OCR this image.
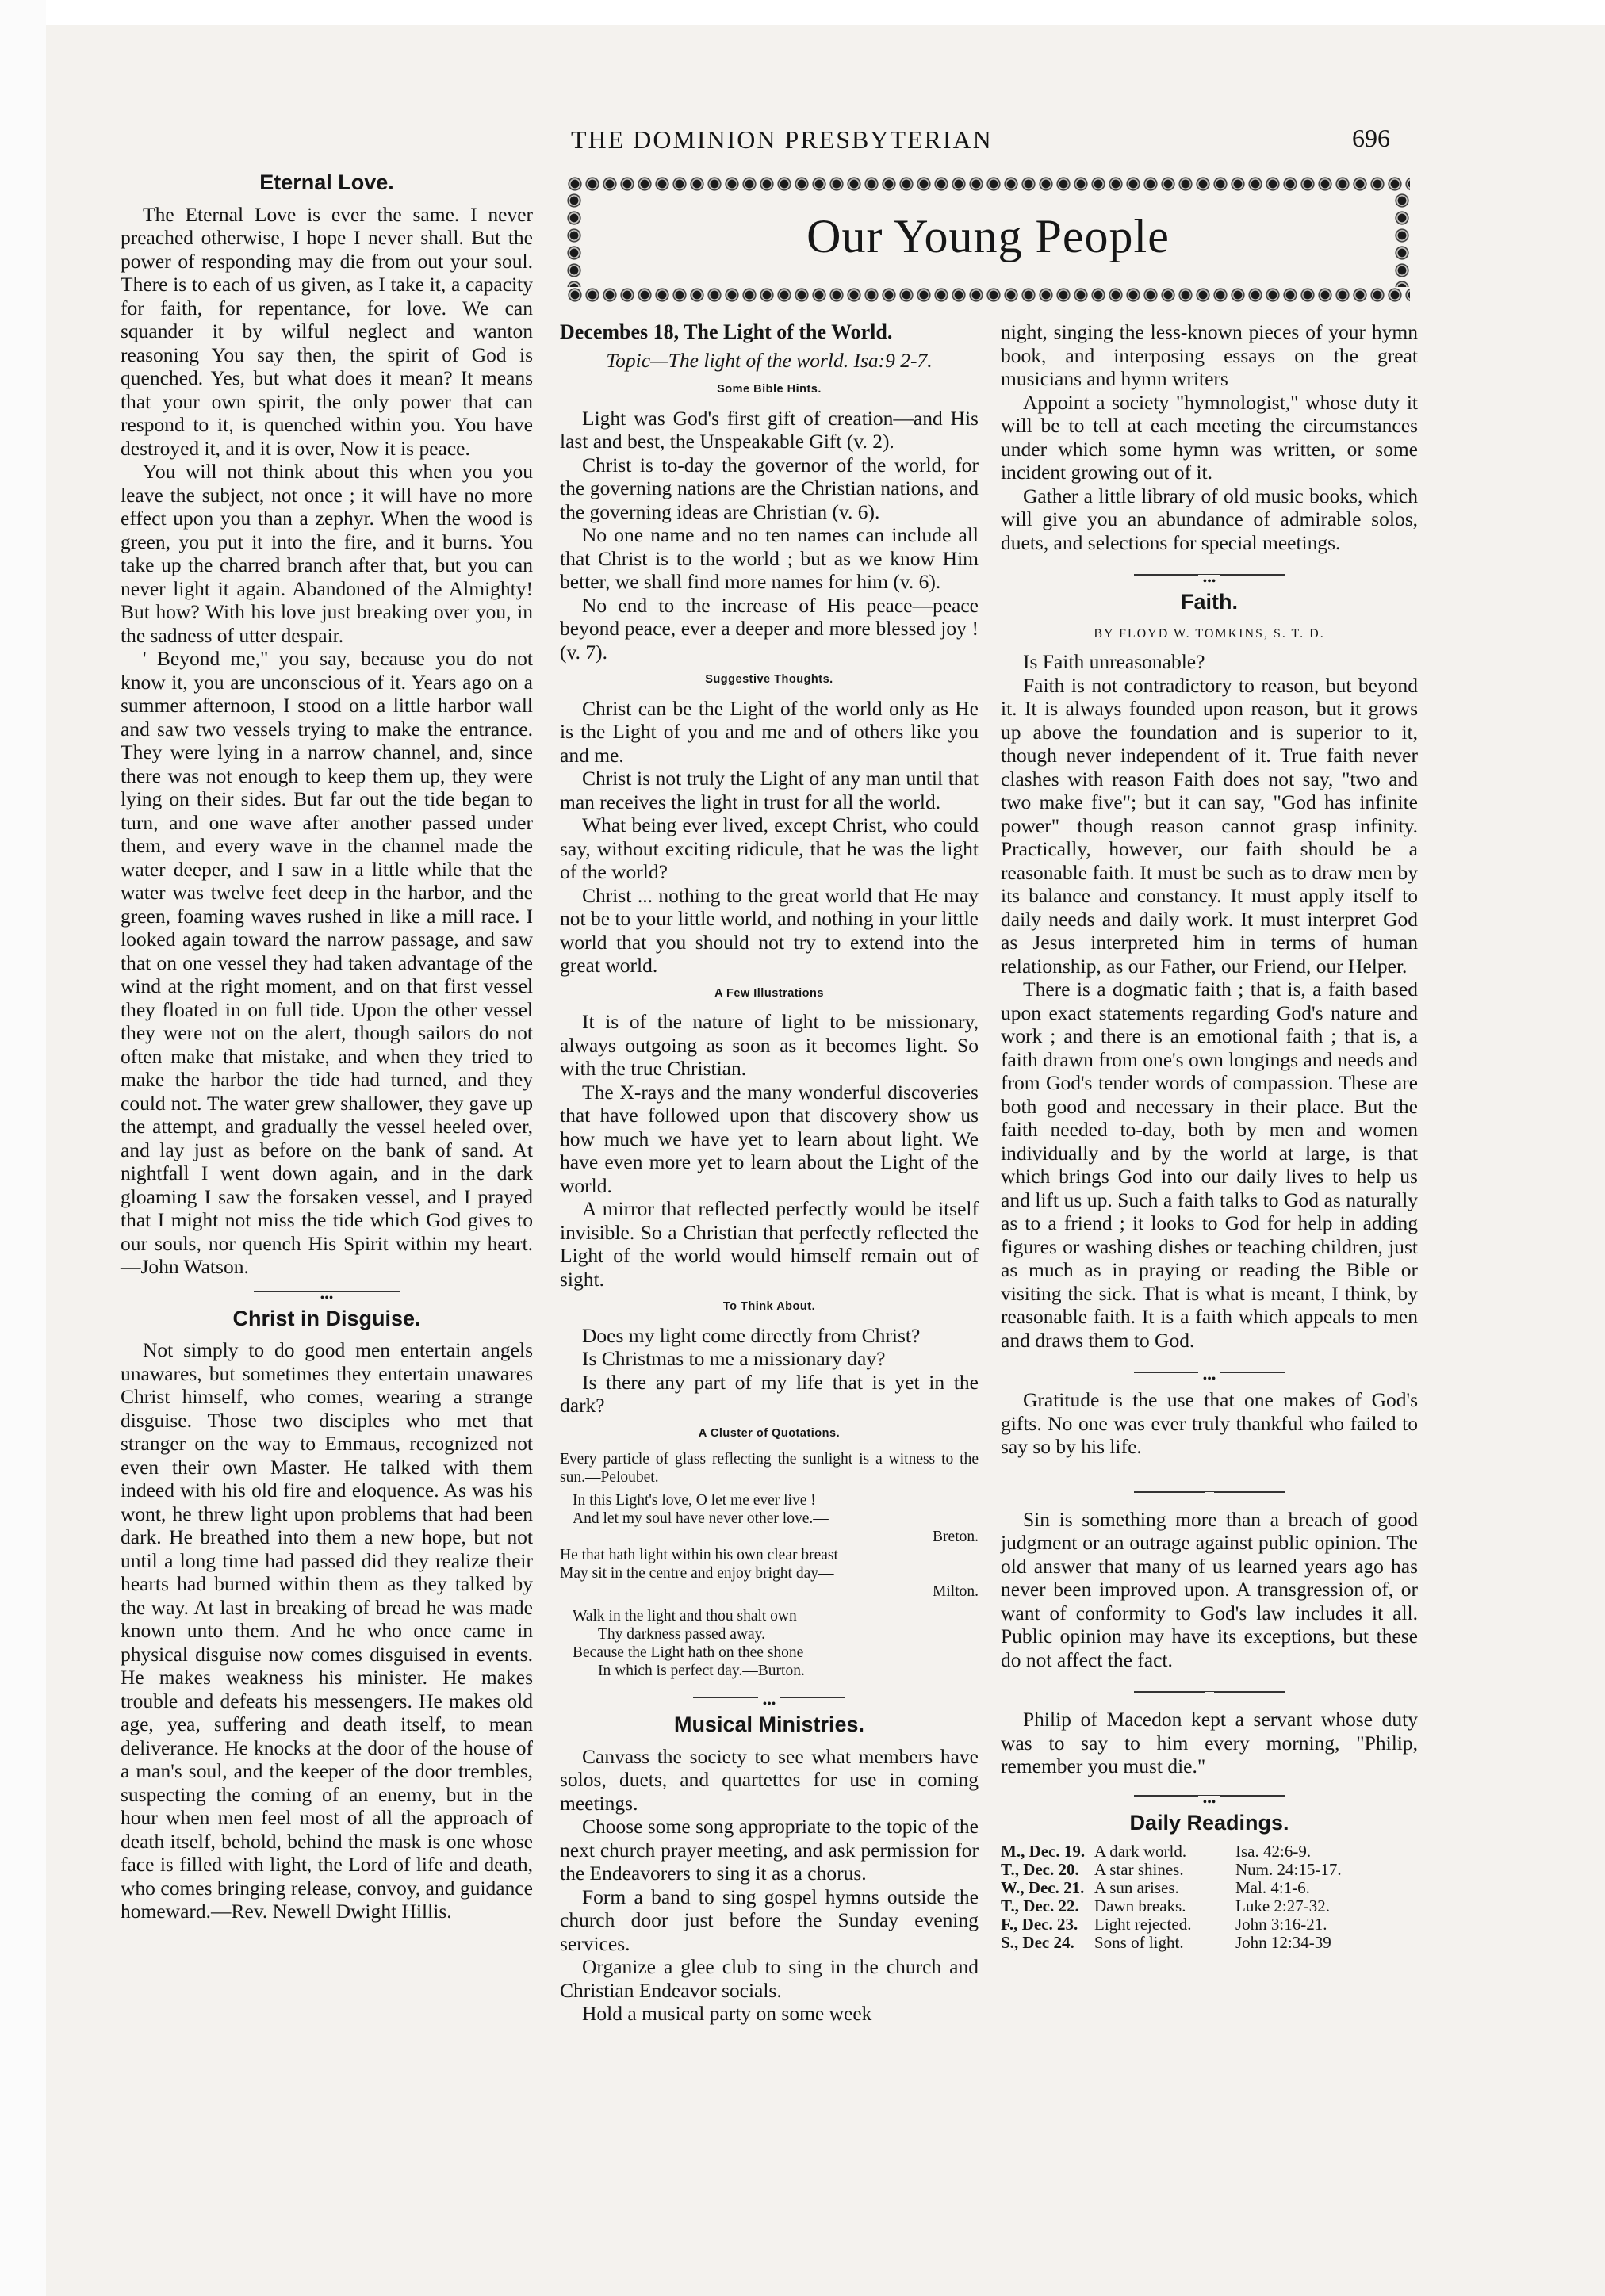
THE DOMINION PRESBYTERIAN	696
Our Young People
Eternal Love.

The Eternal Love is ever the same. I never preached otherwise, I hope I never shall. But the power of responding may die from out your soul. There is to each of us given, as I take it, a capacity for faith, for repentance, for love. We can squander it by wilful neglect and wanton reasoning You say then, the spirit of God is quenched. Yes, but what does it mean? It means that your own spirit, the only power that can respond to it, is quenched within you. You have destroyed it, and it is over, Now it is peace.

You will not think about this when you you leave the subject, not once ; it will have no more effect upon you than a zephyr. When the wood is green, you put it into the fire, and it burns. You take up the charred branch after that, but you can never light it again. Abandoned of the Almighty! But how? With his love just breaking over you, in the sadness of utter despair.

' Beyond me," you say, because you do not know it, you are unconscious of it. Years ago on a summer afternoon, I stood on a little harbor wall and saw two vessels trying to make the entrance. They were lying in a narrow channel, and, since there was not enough to keep them up, they were lying on their sides. But far out the tide began to turn, and one wave after another passed under them, and every wave in the channel made the water deeper, and I saw in a little while that the water was twelve feet deep in the harbor, and the green, foaming waves rushed in like a mill race. I looked again toward the narrow passage, and saw that on one vessel they had taken advantage of the wind at the right moment, and on that first vessel they floated in on full tide. Upon the other vessel they were not on the alert, though sailors do not often make that mistake, and when they tried to make the harbor the tide had turned, and they could not. The water grew shallower, they gave up the attempt, and gradually the vessel heeled over, and lay just as before on the bank of sand. At nightfall I went down again, and in the dark gloaming I saw the forsaken vessel, and I prayed that I might not miss the tide which God gives to our souls, nor quench His Spirit within my heart.—John Watson.

•••
Christ in Disguise.

Not simply to do good men entertain angels unawares, but sometimes they entertain unawares Christ himself, who comes, wearing a strange disguise. Those two disciples who met that stranger on the way to Emmaus, recognized not even their own Master. He talked with them indeed with his old fire and eloquence. As was his wont, he threw light upon problems that had been dark. He breathed into them a new hope, but not until a long time had passed did they realize their hearts had burned within them as they talked by the way. At last in breaking of bread he was made known unto them. And he who once came in physical disguise now comes disguised in events. He makes weakness his minister. He makes trouble and defeats his messengers. He makes old age, yea, suffering and death itself, to mean deliverance. He knocks at the door of the house of a man's soul, and the keeper of the door trembles, suspecting the coming of an enemy, but in the hour when men feel most of all the approach of death itself, behold, behind the mask is one whose face is filled with light, the Lord of life and death, who comes bringing release, convoy, and guidance homeward.—Rev. Newell Dwight Hillis.

Decembes 18, The Light of the World.
Topic—The light of the world. Isa:9 2-7.
Some Bible Hints.

Light was God's first gift of creation—and His last and best, the Unspeakable Gift (v. 2).

Christ is to-day the governor of the world, for the governing nations are the Christian nations, and the governing ideas are Christian (v. 6).

No one name and no ten names can include all that Christ is to the world ; but as we know Him better, we shall find more names for him (v. 6).

No end to the increase of His peace—peace beyond peace, ever a deeper and more blessed joy ! (v. 7).

Suggestive Thoughts.

Christ can be the Light of the world only as He is the Light of you and me and of others like you and me.

Christ is not truly the Light of any man until that man receives the light in trust for all the world.

What being ever lived, except Christ, who could say, without exciting ridicule, that he was the light of the world?

Christ ... nothing to the great world that He may not be to your little world, and nothing in your little world that you should not try to extend into the great world.

A Few Illustrations

It is of the nature of light to be missionary, always outgoing as soon as it becomes light. So with the true Christian.

The X-rays and the many wonderful discoveries that have followed upon that discovery show us how much we have yet to learn about light. We have even more yet to learn about the Light of the world.

A mirror that reflected perfectly would be itself invisible. So a Christian that perfectly reflected the Light of the world would himself remain out of sight.

To Think About.

Does my light come directly from Christ?

Is Christmas to me a missionary day?

Is there any part of my life that is yet in the dark?

A Cluster of Quotations.

Every particle of glass reflecting the sunlight is a witness to the sun.—Peloubet.

In this Light's love, O let me ever live !
And let my soul have never other love.—
Breton.
He that hath light within his own clear breast
May sit in the centre and enjoy bright day—
Milton.
Walk in the light and thou shalt own
Thy darkness passed away.
Because the Light hath on thee shone
In which is perfect day.—Burton.
•••
Musical Ministries.

Canvass the society to see what members have solos, duets, and quartettes for use in coming meetings.

Choose some song appropriate to the topic of the next church prayer meeting, and ask permission for the Endeavorers to sing it as a chorus.

Form a band to sing gospel hymns outside the church door just before the Sunday evening services.

Organize a glee club to sing in the church and Christian Endeavor socials.

Hold a musical party on some week

night, singing the less-known pieces of your hymn book, and interposing essays on the great musicians and hymn writers

Appoint a society "hymnologist," whose duty it will be to tell at each meeting the circumstances under which some hymn was written, or some incident growing out of it.

Gather a little library of old music books, which will give you an abundance of admirable solos, duets, and selections for special meetings.

•••
Faith.
BY FLOYD W. TOMKINS, S. T. D.

Is Faith unreasonable?

Faith is not contradictory to reason, but beyond it. It is always founded upon reason, but it grows up above the foundation and is superior to it, though never independent of it. True faith never clashes with reason Faith does not say, "two and two make five"; but it can say, "God has infinite power" though reason cannot grasp infinity. Practically, however, our faith should be a reasonable faith. It must be such as to draw men by its balance and constancy. It must apply itself to daily needs and daily work. It must interpret God as Jesus interpreted him in terms of human relationship, as our Father, our Friend, our Helper.

There is a dogmatic faith ; that is, a faith based upon exact statements regarding God's nature and work ; and there is an emotional faith ; that is, a faith drawn from one's own longings and needs and from God's tender words of compassion. These are both good and necessary in their place. But the faith needed to-day, both by men and women individually and by the world at large, is that which brings God into our daily lives to help us and lift us up. Such a faith talks to God as naturally as to a friend ; it looks to God for help in adding figures or washing dishes or teaching children, just as much as in praying or reading the Bible or visiting the sick. That is what is meant, I think, by reasonable faith. It is a faith which appeals to men and draws them to God.

•••

Gratitude is the use that one makes of God's gifts. No one was ever truly thankful who failed to say so by his life.

Sin is something more than a breach of good judgment or an outrage against public opinion. The old answer that many of us learned years ago has never been improved upon. A transgression of, or want of conformity to God's law includes it all. Public opinion may have its exceptions, but these do not affect the fact.

Philip of Macedon kept a servant whose duty was to say to him every morning, "Philip, remember you must die."

•••
Daily Readings.
M., Dec. 19. A dark world.	Isa. 42:6-9.
T., Dec. 20. A star shines.	Num. 24:15-17.
W., Dec. 21. A sun arises.	Mal. 4:1-6.
T., Dec. 22. Dawn breaks.	Luke 2:27-32.
F., Dec. 23. Light rejected.	John 3:16-21.
S., Dec 24.	Sons of light.	John 12:34-39
